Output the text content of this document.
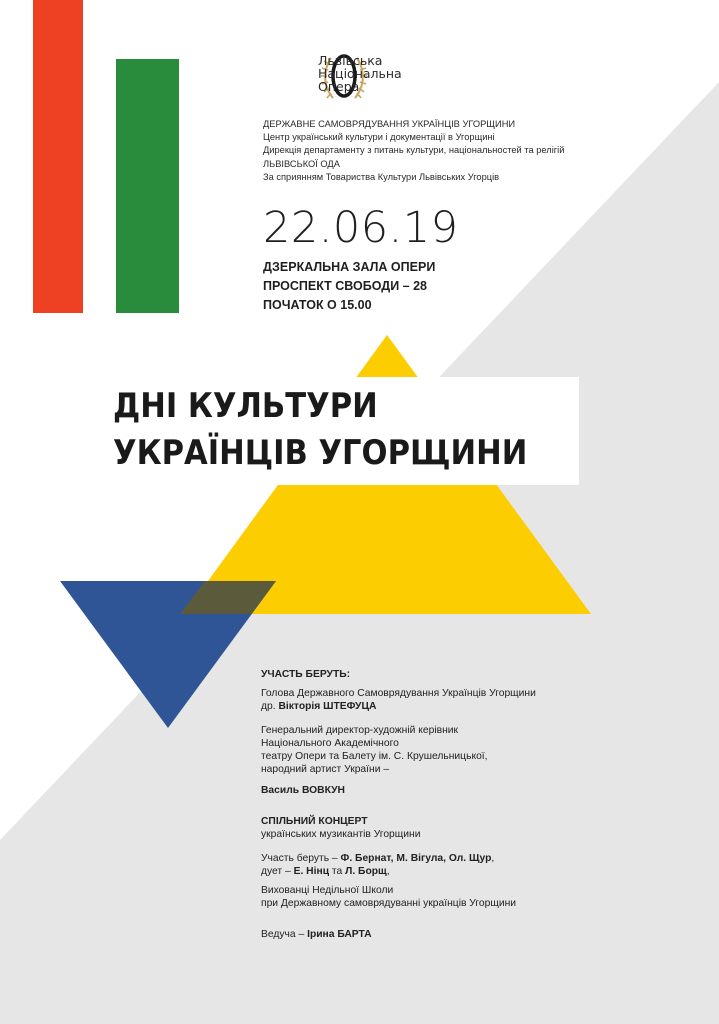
Львівська
Національна
Опера
ДЕРЖАВНЕ САМОВРЯДУВАННЯ УКРАЇНЦІВ УГОРЩИНИ
Центр український культури і документації в Угорщині
Дирекція департаменту з питань культури, національностей та релігій
ЛЬВІВСЬКОЇ ОДА
За сприянням Товариства Культури Львівських Угорців
22.06.19
ДЗЕРКАЛЬНА ЗАЛА ОПЕРИ
ПРОСПЕКТ СВОБОДИ – 28
ПОЧАТОК О 15.00
ДНІ КУЛЬТУРИ
УКРАЇНЦІВ УГОРЩИНИ
УЧАСТЬ БЕРУТЬ:
Голова Державного Самоврядування Українців Угорщини
др. Вікторія ШТЕФУЦА
Генеральний директор-художній керівник
Національного Академічного
театру Опери та Балету ім. С. Крушельницької,
народний артист України –
Василь ВОВКУН
СПІЛЬНИЙ КОНЦЕРТ
українських музикантів Угорщини
Участь беруть – Ф. Бернат, М. Вігула, Ол. Щур,
дует – Е. Нінц та Л. Борщ,
Вихованці Недільної Школи
при Державному самоврядуванні українців Угорщини
Ведуча – Ірина БАРТА
